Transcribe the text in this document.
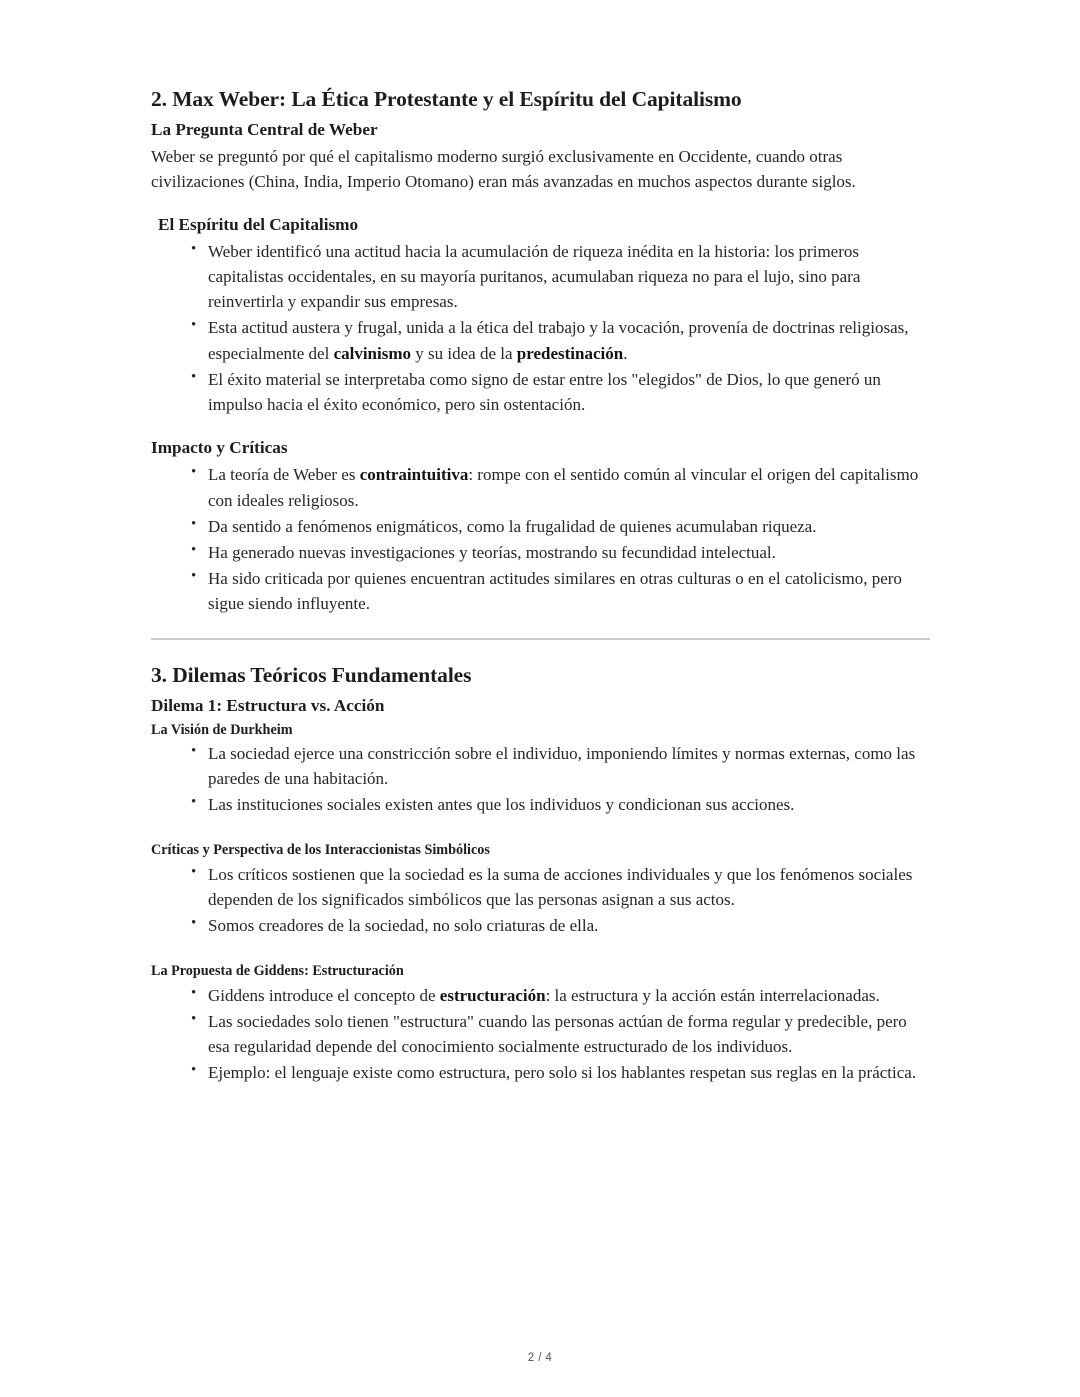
2. Max Weber: La Ética Protestante y el Espíritu del Capitalismo
La Pregunta Central de Weber

Weber se preguntó por qué el capitalismo moderno surgió exclusivamente en Occidente, cuando otras civilizaciones (China, India, Imperio Otomano) eran más avanzadas en muchos aspectos durante siglos.

El Espíritu del Capitalismo
• Weber identificó una actitud hacia la acumulación de riqueza inédita en la historia: los primeros capitalistas occidentales, en su mayoría puritanos, acumulaban riqueza no para el lujo, sino para reinvertirla y expandir sus empresas.
• Esta actitud austera y frugal, unida a la ética del trabajo y la vocación, provenía de doctrinas religiosas, especialmente del calvinismo y su idea de la predestinación.
• El éxito material se interpretaba como signo de estar entre los "elegidos" de Dios, lo que generó un impulso hacia el éxito económico, pero sin ostentación.
Impacto y Críticas
• La teoría de Weber es contraintuitiva: rompe con el sentido común al vincular el origen del capitalismo con ideales religiosos.
• Da sentido a fenómenos enigmáticos, como la frugalidad de quienes acumulaban riqueza.
• Ha generado nuevas investigaciones y teorías, mostrando su fecundidad intelectual.
• Ha sido criticada por quienes encuentran actitudes similares en otras culturas o en el catolicismo, pero sigue siendo influyente.
3. Dilemas Teóricos Fundamentales
Dilema 1: Estructura vs. Acción
La Visión de Durkheim
• La sociedad ejerce una constricción sobre el individuo, imponiendo límites y normas externas, como las paredes de una habitación.
• Las instituciones sociales existen antes que los individuos y condicionan sus acciones.
Críticas y Perspectiva de los Interaccionistas Simbólicos
• Los críticos sostienen que la sociedad es la suma de acciones individuales y que los fenómenos sociales dependen de los significados simbólicos que las personas asignan a sus actos.
• Somos creadores de la sociedad, no solo criaturas de ella.
La Propuesta de Giddens: Estructuración
• Giddens introduce el concepto de estructuración: la estructura y la acción están interrelacionadas.
• Las sociedades solo tienen "estructura" cuando las personas actúan de forma regular y predecible, pero esa regularidad depende del conocimiento socialmente estructurado de los individuos.
• Ejemplo: el lenguaje existe como estructura, pero solo si los hablantes respetan sus reglas en la práctica.
2 / 4
